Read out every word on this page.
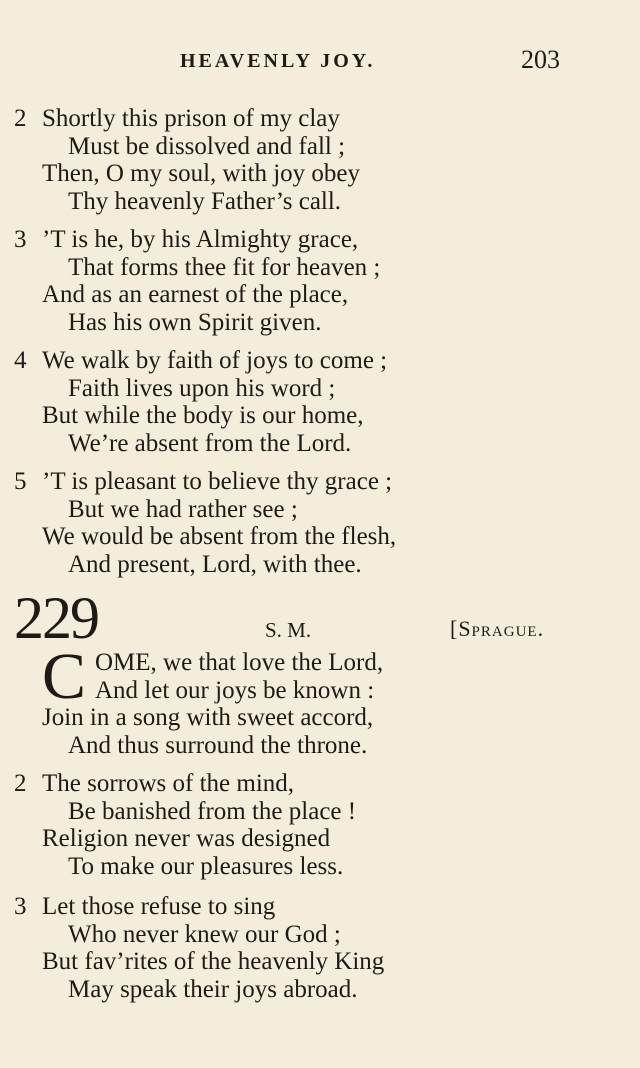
HEAVENLY JOY.	203
2 Shortly this prison of my clay
Must be dissolved and fall ;
Then, O my soul, with joy obey
Thy heavenly Father’s call.
3 ’T is he, by his Almighty grace,
That forms thee fit for heaven ;
And as an earnest of the place,
Has his own Spirit given.
4 We walk by faith of joys to come ;
Faith lives upon his word ;
But while the body is our home,
We’re absent from the Lord.
5 ’T is pleasant to believe thy grace ;
But we had rather see ;
We would be absent from the flesh,
And present, Lord, with thee.
229	S. M.	[Sprague.
C OME, we that love the Lord,
And let our joys be known :
Join in a song with sweet accord,
And thus surround the throne.
2 The sorrows of the mind,
Be banished from the place !
Religion never was designed
To make our pleasures less.
3 Let those refuse to sing
Who never knew our God ;
But fav’rites of the heavenly King
May speak their joys abroad.
